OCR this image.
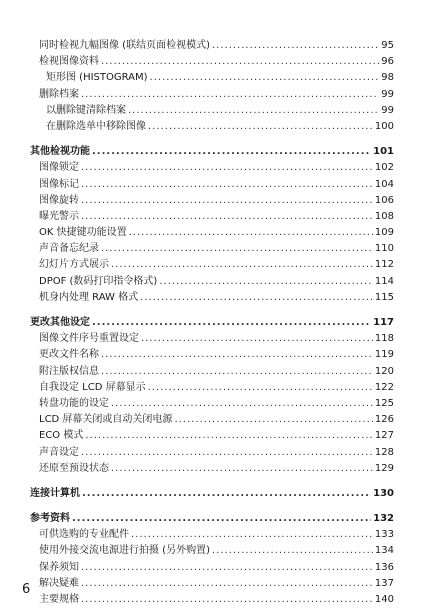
同时检视九幅图像 (联结页面检视模式) .....	95
检视图像资料 .....	96
矩形图 (HISTOGRAM) .....	98
删除档案 .....	99
以删除键清除档案 .....	99
在删除选单中移除图像 .....	100
其他检视功能 .....	101
图像锁定 .....	102
图像标记 .....	104
图像旋转 .....	106
曝光警示 .....	108
OK 快捷键功能设置 .....	109
声音备忘纪录 .....	110
幻灯片方式展示 .....	112
DPOF (数码打印指令格式) .....	114
机身内处理 RAW 格式 .....	115
更改其他设定 .....	117
图像文件序号重置设定 .....	118
更改文件名称 .....	119
附注版权信息 .....	120
自我设定 LCD 屏幕显示 .....	122
转盘功能的设定 .....	125
LCD 屏幕关闭或自动关闭电源 .....	126
ECO 模式 .....	127
声音设定 .....	128
还原至预设状态 .....	129
连接计算机 .....	130
参考资料 .....	132
可供选购的专业配件 .....	133
使用外接交流电源进行拍摄 (另外购置) .....	134
保养须知 .....	136
解决疑难 .....	137
主要规格 .....	140
6
